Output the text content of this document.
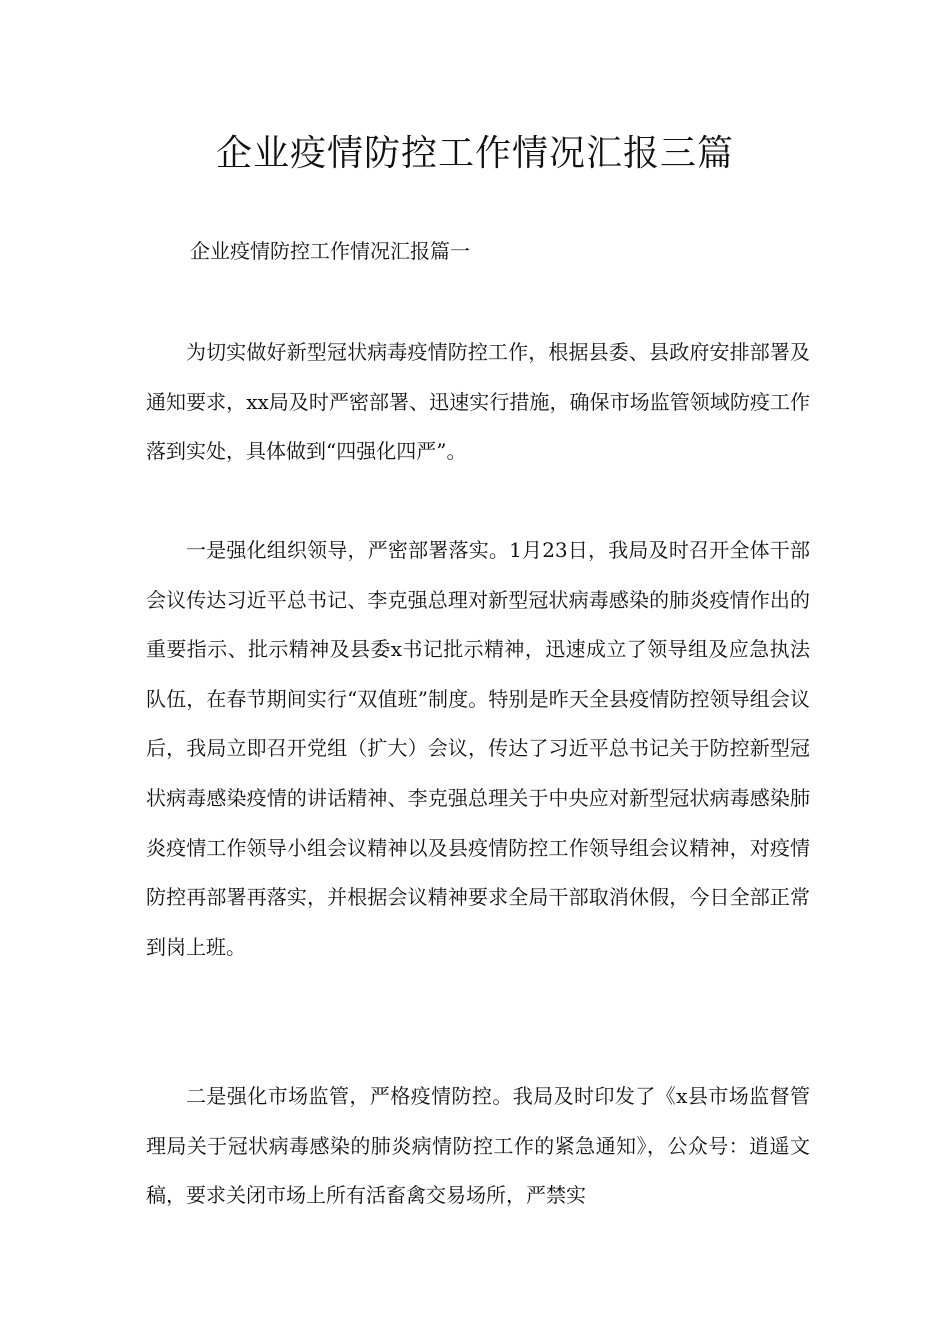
企业疫情防控工作情况汇报三篇

企业疫情防控工作情况汇报篇一

为切实做好新型冠状病毒疫情防控工作，根据县委、县政府安排部署及通知要求，xx局及时严密部署、迅速实行措施，确保市场监管领域防疫工作落到实处，具体做到“四强化四严”。

一是强化组织领导，严密部署落实。1月23日，我局及时召开全体干部会议传达习近平总书记、李克强总理对新型冠状病毒感染的肺炎疫情作出的重要指示、批示精神及县委x书记批示精神，迅速成立了领导组及应急执法队伍，在春节期间实行“双值班”制度。特别是昨天全县疫情防控领导组会议后，我局立即召开党组（扩大）会议，传达了习近平总书记关于防控新型冠状病毒感染疫情的讲话精神、李克强总理关于中央应对新型冠状病毒感染肺炎疫情工作领导小组会议精神以及县疫情防控工作领导组会议精神，对疫情防控再部署再落实，并根据会议精神要求全局干部取消休假，今日全部正常到岗上班。

二是强化市场监管，严格疫情防控。我局及时印发了《x县市场监督管理局关于冠状病毒感染的肺炎病情防控工作的紧急通知》，公众号：逍遥文稿，要求关闭市场上所有活畜禽交易场所，严禁实
